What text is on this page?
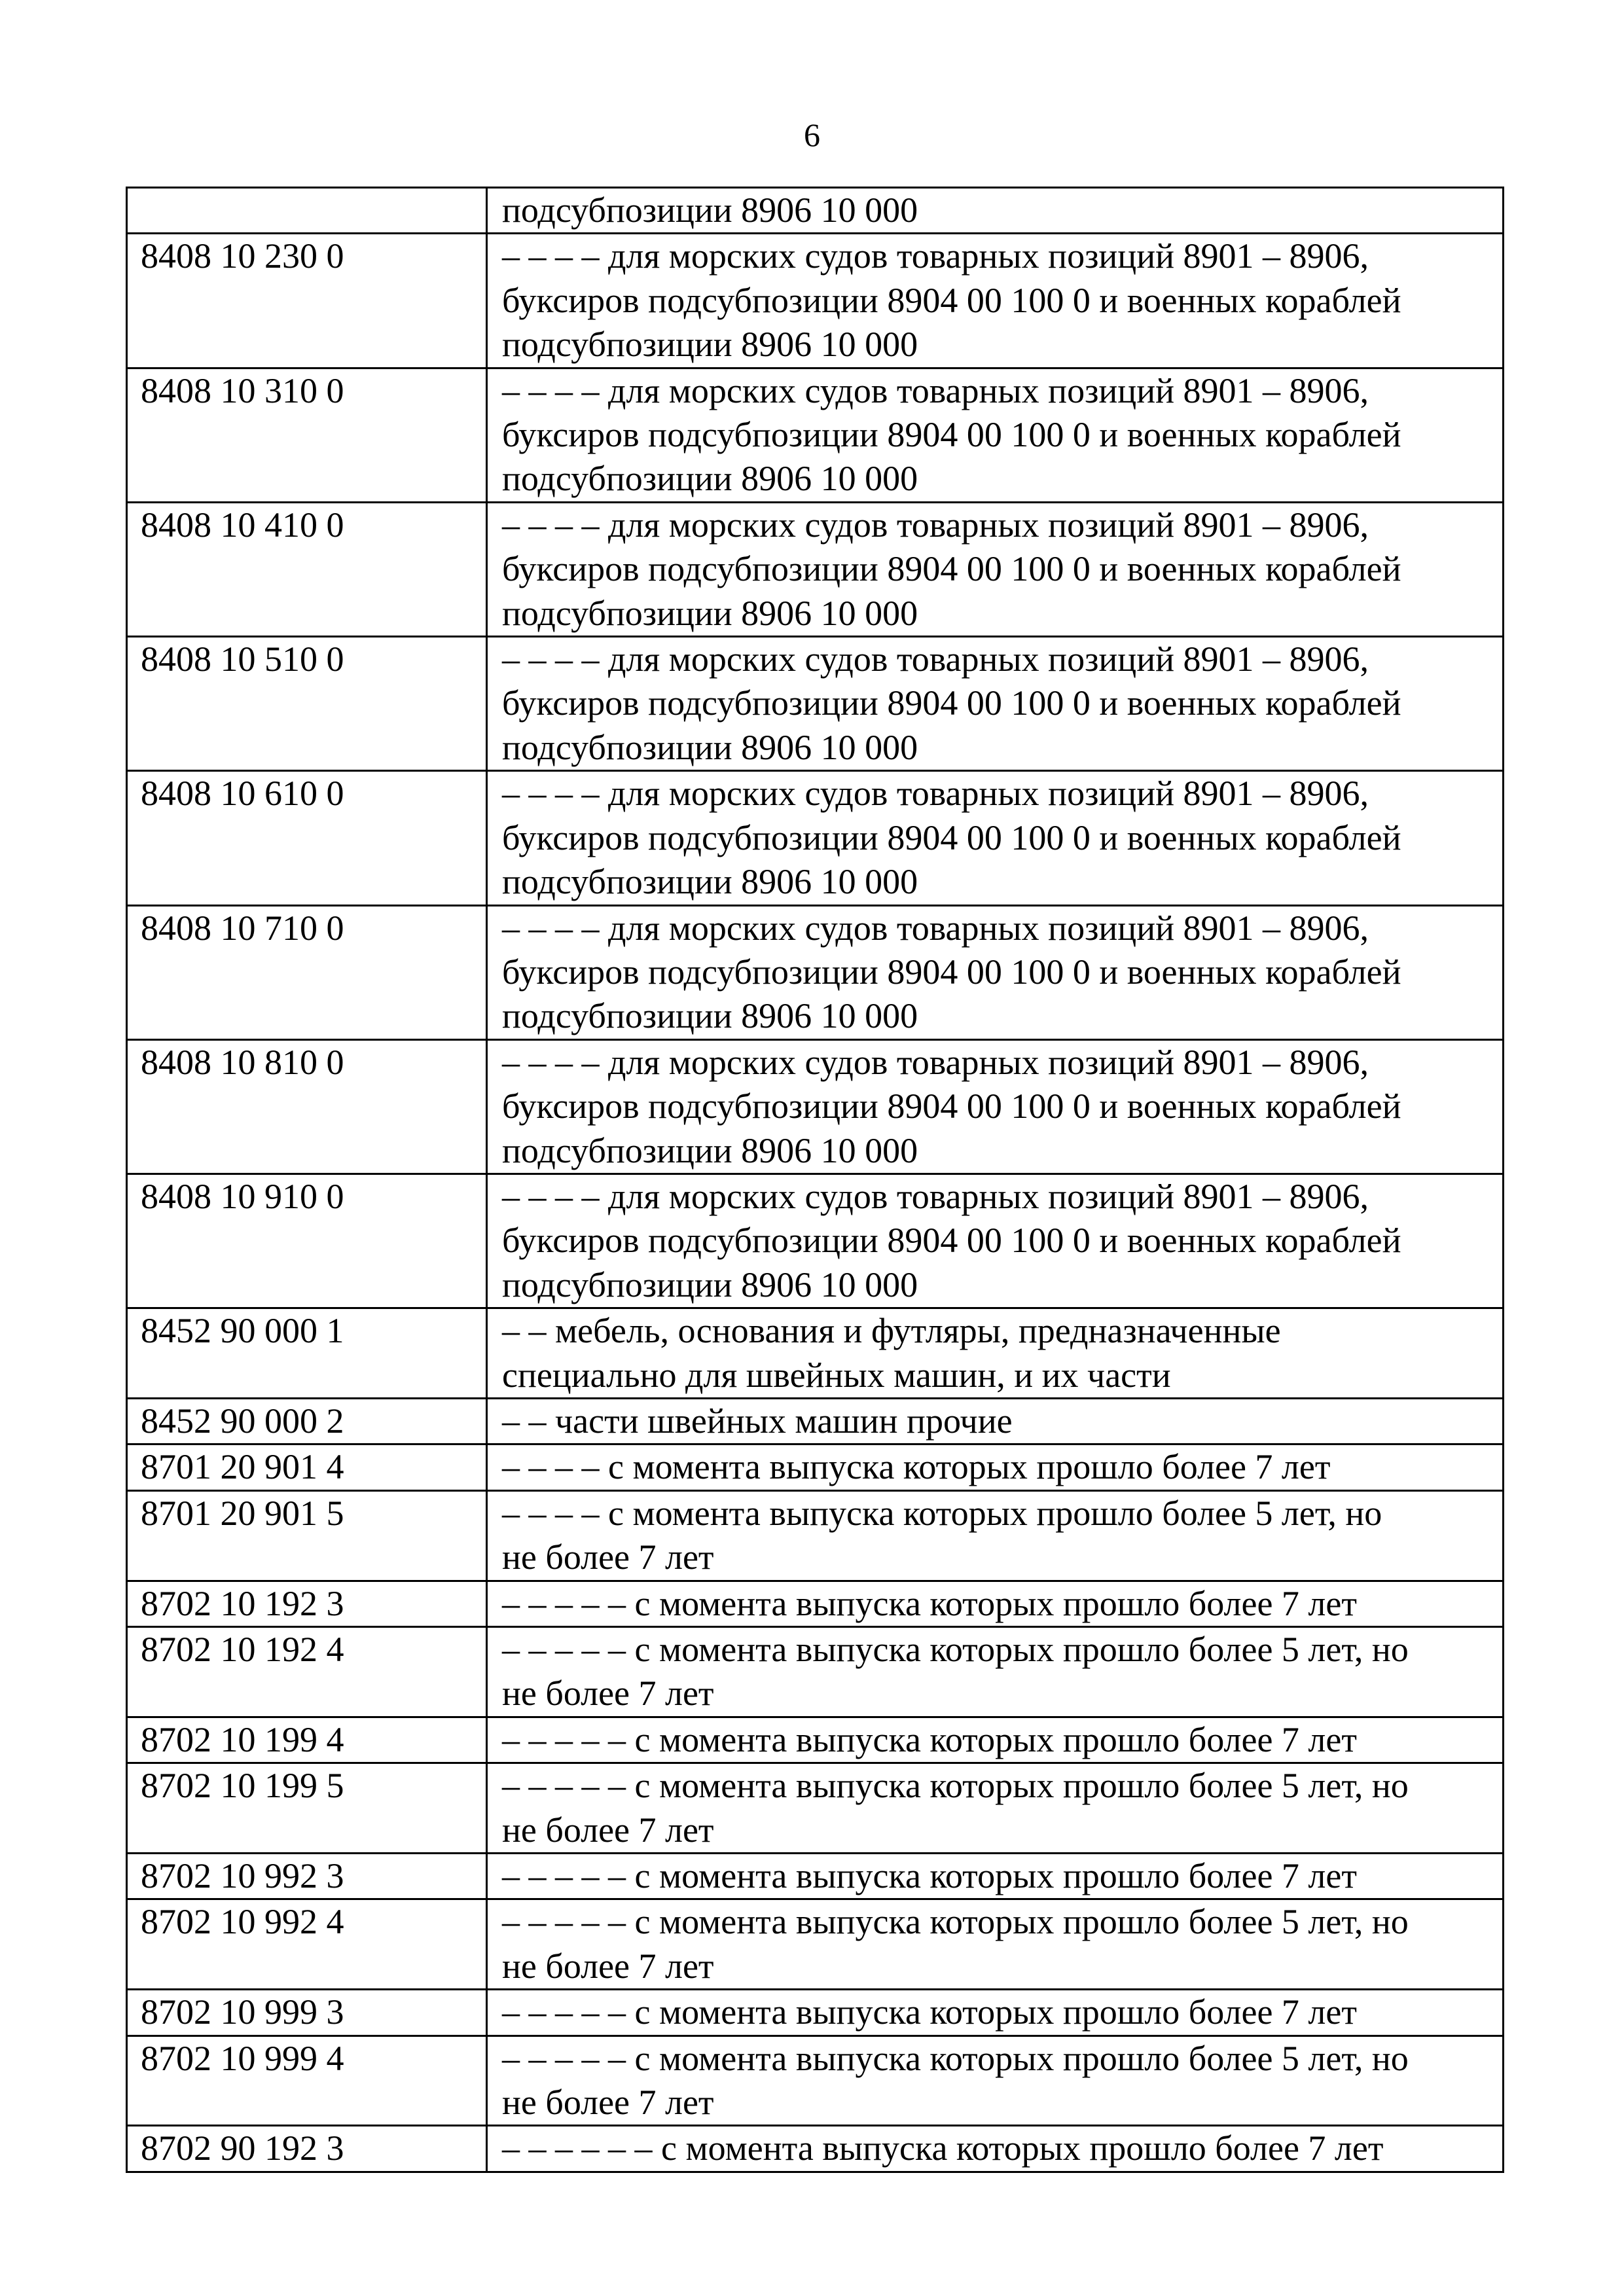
6

	подсубпозиции 8906 10 000

8408 10 230 0	– – – – для морских судов товарных позиций 8901 – 8906,
буксиров подсубпозиции 8904 00 100 0 и военных кораблей
подсубпозиции 8906 10 000

8408 10 310 0	– – – – для морских судов товарных позиций 8901 – 8906,
буксиров подсубпозиции 8904 00 100 0 и военных кораблей
подсубпозиции 8906 10 000

8408 10 410 0	– – – – для морских судов товарных позиций 8901 – 8906,
буксиров подсубпозиции 8904 00 100 0 и военных кораблей
подсубпозиции 8906 10 000

8408 10 510 0	– – – – для морских судов товарных позиций 8901 – 8906,
буксиров подсубпозиции 8904 00 100 0 и военных кораблей
подсубпозиции 8906 10 000

8408 10 610 0	– – – – для морских судов товарных позиций 8901 – 8906,
буксиров подсубпозиции 8904 00 100 0 и военных кораблей
подсубпозиции 8906 10 000

8408 10 710 0	– – – – для морских судов товарных позиций 8901 – 8906,
буксиров подсубпозиции 8904 00 100 0 и военных кораблей
подсубпозиции 8906 10 000

8408 10 810 0	– – – – для морских судов товарных позиций 8901 – 8906,
буксиров подсубпозиции 8904 00 100 0 и военных кораблей
подсубпозиции 8906 10 000

8408 10 910 0	– – – – для морских судов товарных позиций 8901 – 8906,
буксиров подсубпозиции 8904 00 100 0 и военных кораблей
подсубпозиции 8906 10 000

8452 90 000 1	– – мебель, основания и футляры, предназначенные
специально для швейных машин, и их части

8452 90 000 2	– – части швейных машин прочие

8701 20 901 4	– – – – с момента выпуска которых прошло более 7 лет

8701 20 901 5	– – – – с момента выпуска которых прошло более 5 лет, но
не более 7 лет

8702 10 192 3	– – – – – с момента выпуска которых прошло более 7 лет

8702 10 192 4	– – – – – с момента выпуска которых прошло более 5 лет, но
не более 7 лет

8702 10 199 4	– – – – – с момента выпуска которых прошло более 7 лет

8702 10 199 5	– – – – – с момента выпуска которых прошло более 5 лет, но
не более 7 лет

8702 10 992 3	– – – – – с момента выпуска которых прошло более 7 лет

8702 10 992 4	– – – – – с момента выпуска которых прошло более 5 лет, но
не более 7 лет

8702 10 999 3	– – – – – с момента выпуска которых прошло более 7 лет

8702 10 999 4	– – – – – с момента выпуска которых прошло более 5 лет, но
не более 7 лет

8702 90 192 3	– – – – – – с момента выпуска которых прошло более 7 лет
